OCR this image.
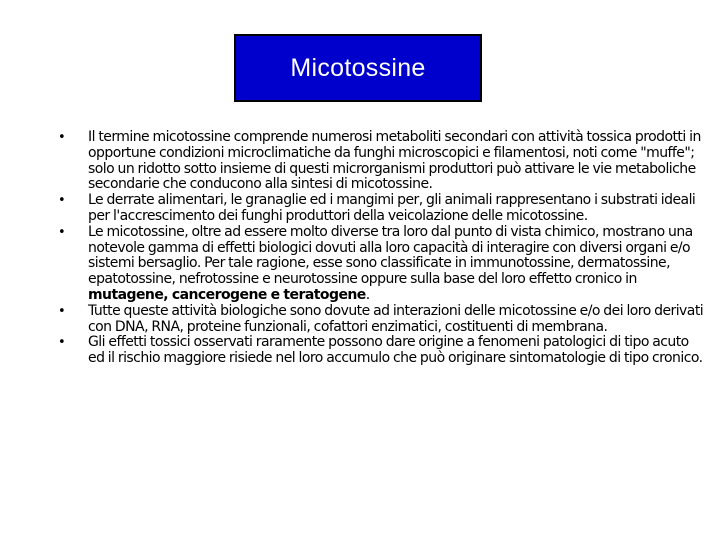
Micotossine
• Il termine micotossine comprende numerosi metaboliti secondari con attività tossica prodotti in opportune condizioni microclimatiche da funghi microscopici e filamentosi, noti come "muffe"; solo un ridotto sotto insieme di questi microrganismi produttori può attivare le vie metaboliche secondarie che conducono alla sintesi di micotossine.
• Le derrate alimentari, le granaglie ed i mangimi per, gli animali rappresentano i substrati ideali per l'accrescimento dei funghi produttori della veicolazione delle micotossine.
• Le micotossine, oltre ad essere molto diverse tra loro dal punto di vista chimico, mostrano una notevole gamma di effetti biologici dovuti alla loro capacità di interagire con diversi organi e/o sistemi bersaglio. Per tale ragione, esse sono classificate in immunotossine, dermatossine, epatotossine, nefrotossine e neurotossine oppure sulla base del loro effetto cronico in mutagene, cancerogene e teratogene.
• Tutte queste attività biologiche sono dovute ad interazioni delle micotossine e/o dei loro derivati con DNA, RNA, proteine funzionali, cofattori enzimatici, costituenti di membrana.
• Gli effetti tossici osservati raramente possono dare origine a fenomeni patologici di tipo acuto ed il rischio maggiore risiede nel loro accumulo che può originare sintomatologie di tipo cronico.
